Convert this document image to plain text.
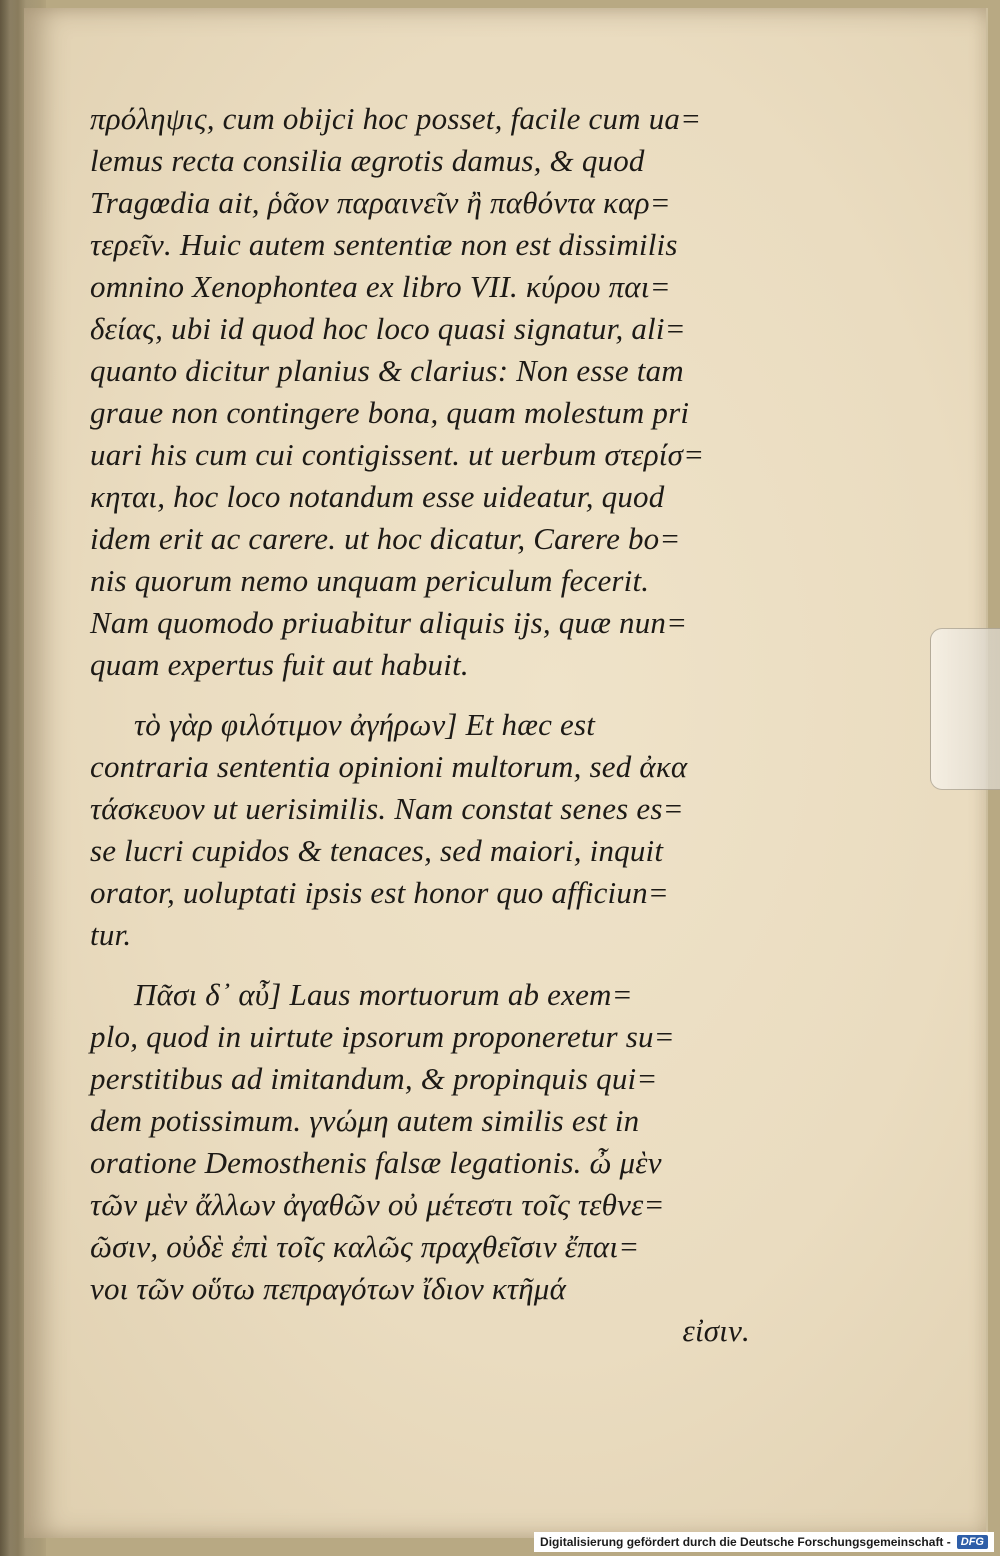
πρόληψις, cum obijci hoc posset, facile cum ua=
lemus recta consilia ægrotis damus, & quod
Tragœdia ait, ῥᾶον παραινεῖν ἢ παθόντα καρ=
τερεῖν. Huic autem sententiæ non est dissimilis
omnino Xenophontea ex libro VII. κύρου παι=
δείας, ubi id quod hoc loco quasi signatur, ali=
quanto dicitur planius & clarius: Non esse tam
graue non contingere bona, quam molestum pri
uari his cum cui contigissent. ut uerbum στερίσ=
κηται, hoc loco notandum esse uideatur, quod
idem erit ac carere. ut hoc dicatur, Carere bo=
nis quorum nemo unquam periculum fecerit.
Nam quomodo priuabitur aliquis ijs, quæ nun=
quam expertus fuit aut habuit.
τὸ γὰρ φιλότιμον ἀγήρων] Et hæc est
contraria sententia opinioni multorum, sed ἀκα
τάσκευον ut uerisimilis. Nam constat senes es=
se lucri cupidos & tenaces, sed maiori, inquit
orator, uoluptati ipsis est honor quo afficiun=
tur.
Πᾶσι δ᾽ αὖ] Laus mortuorum ab exem=
plo, quod in uirtute ipsorum proponeretur su=
perstitibus ad imitandum, & propinquis qui=
dem potissimum. γνώμη autem similis est in
oratione Demosthenis falsæ legationis. ὦ μὲν
τῶν μὲν ἄλλων ἀγαθῶν οὐ μέτεστι τοῖς τεθνε=
ῶσιν, οὐδὲ ἐπὶ τοῖς καλῶς πραχθεῖσιν ἔπαι=
νοι τῶν οὕτω πεπραγότων ἴδιον κτῆμά
εἰσιν.
Digitalisierung gefördert durch die Deutsche Forschungsgemeinschaft - DFG
